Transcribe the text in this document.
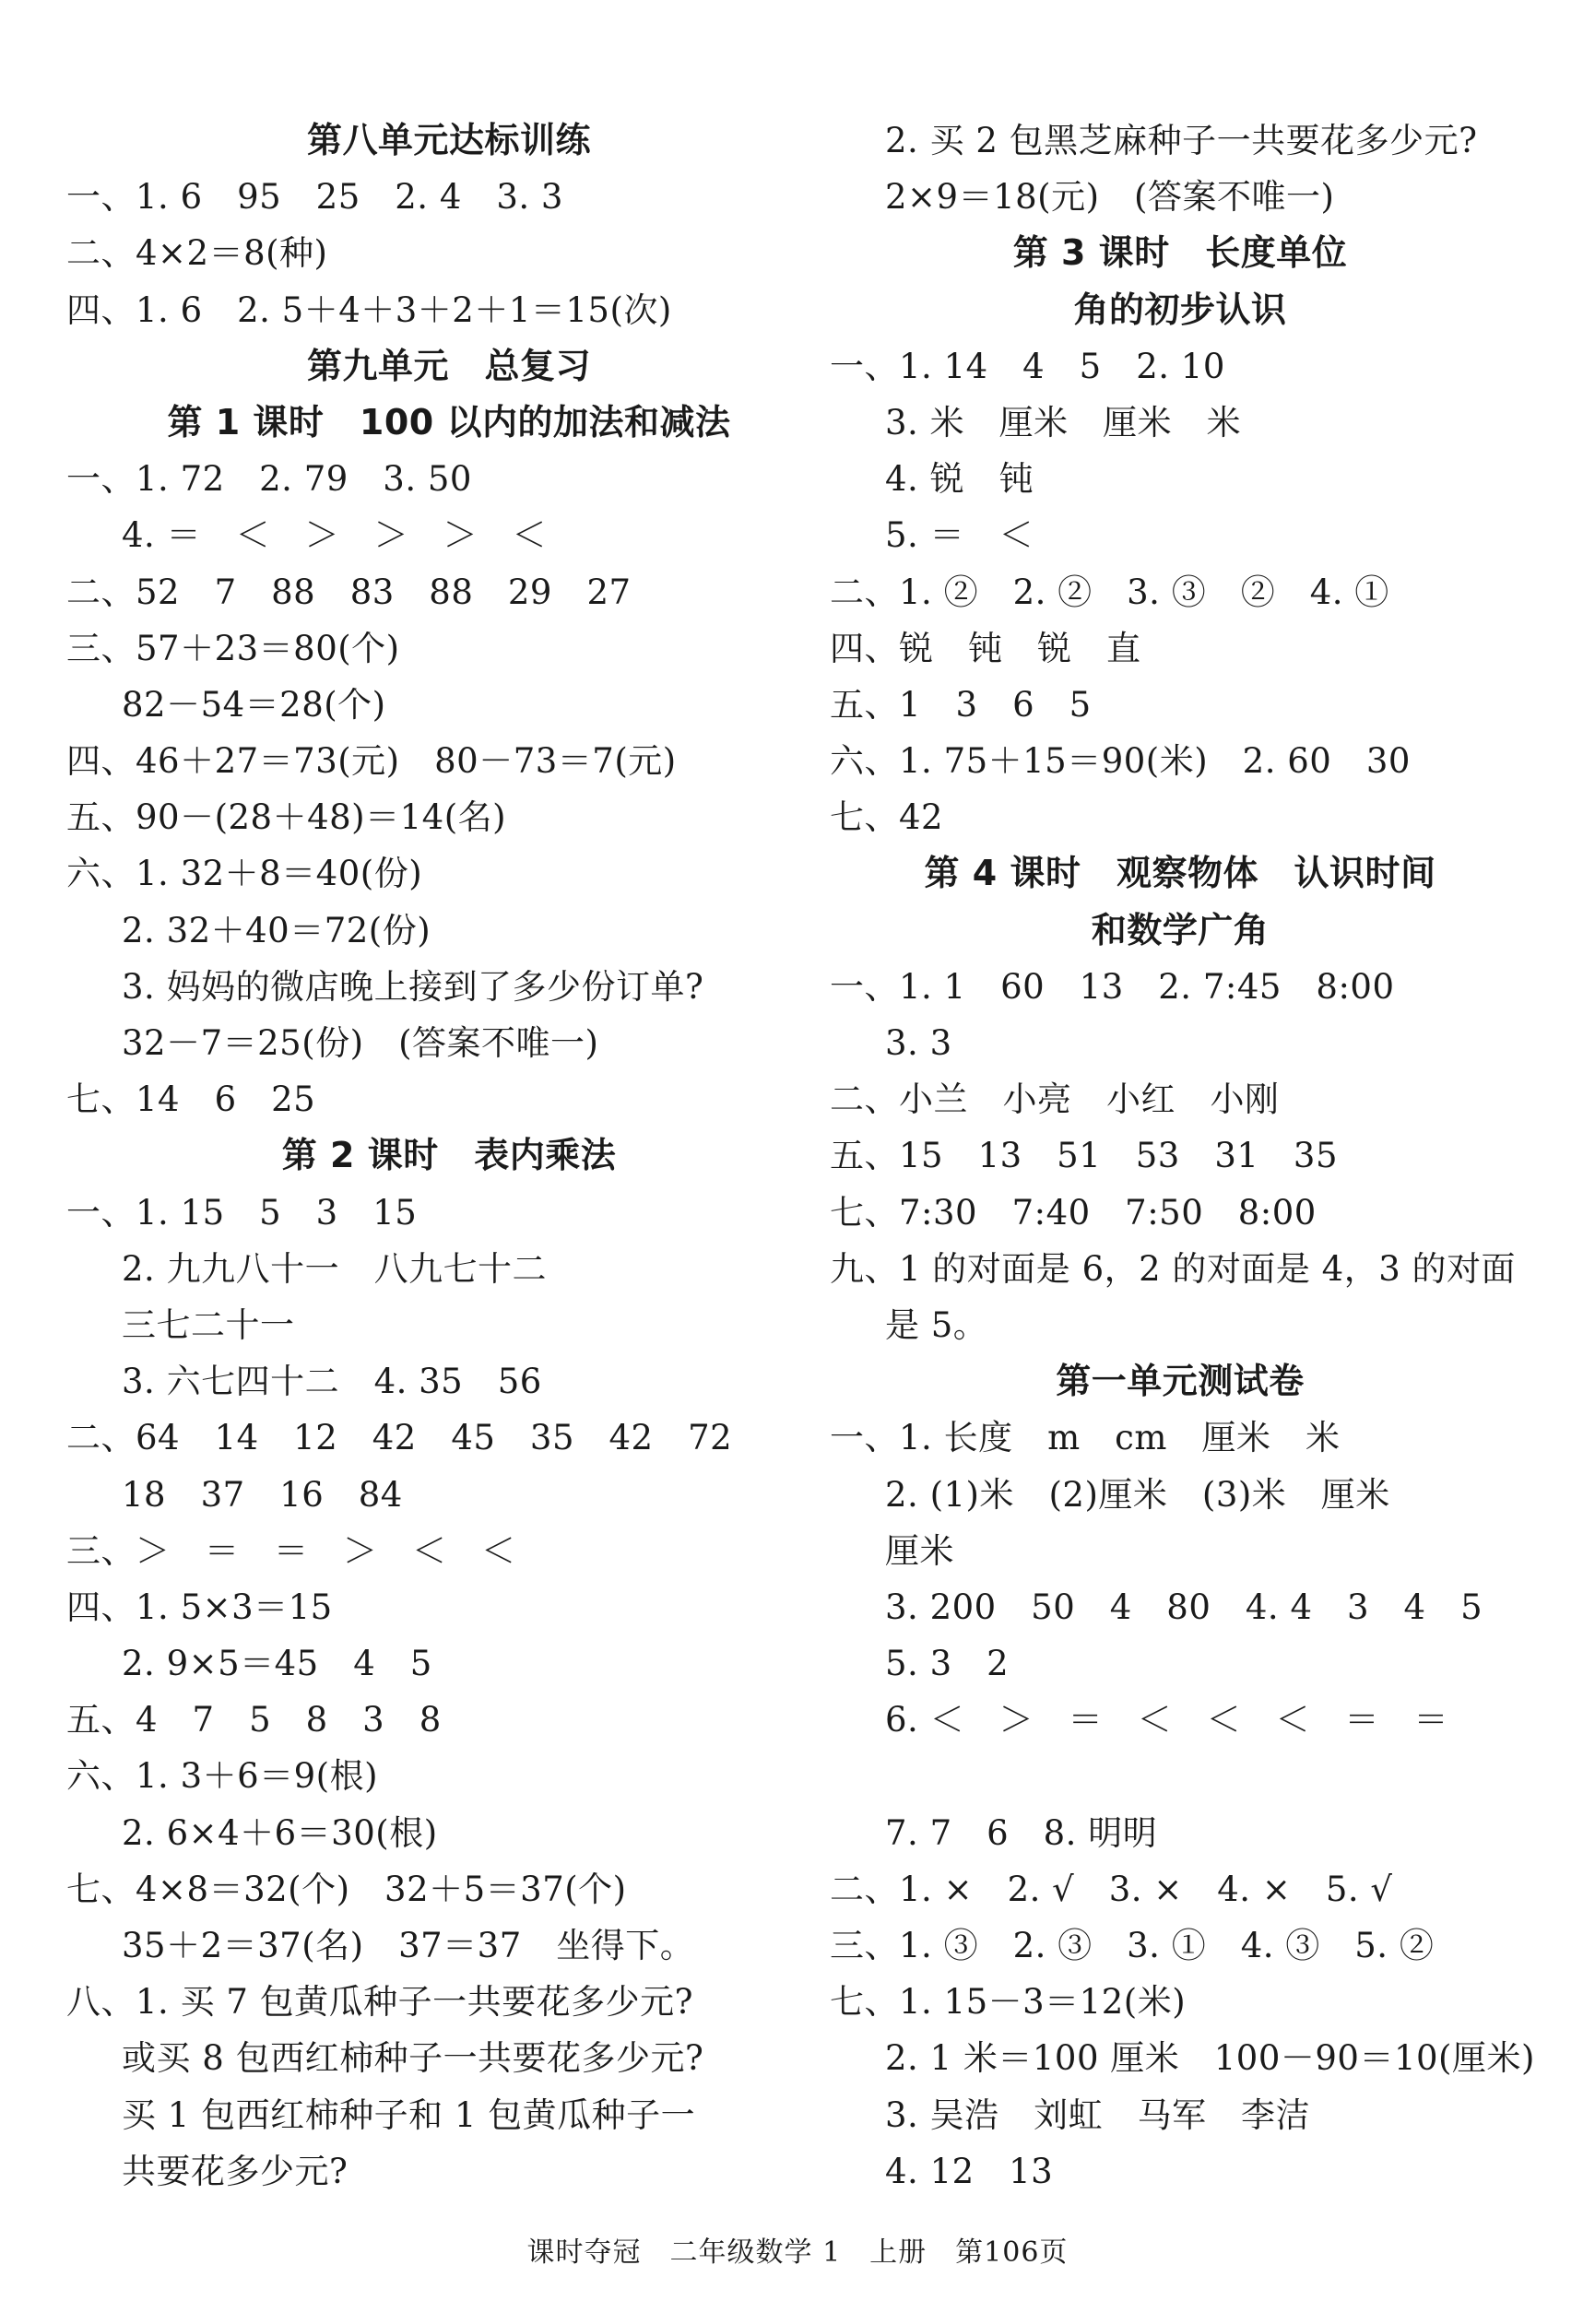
第八单元达标训练
一、1. 6　95　25　2. 4　3. 3
二、4×2＝8(种)
四、1. 6　2. 5＋4＋3＋2＋1＝15(次)
第九单元　总复习
第 1 课时　100 以内的加法和减法
一、1. 72　2. 79　3. 50
4. ＝　＜　＞　＞　＞　＜
二、52　7　88　83　88　29　27
三、57＋23＝80(个)
82－54＝28(个)
四、46＋27＝73(元)　80－73＝7(元)
五、90－(28＋48)＝14(名)
六、1. 32＋8＝40(份)
2. 32＋40＝72(份)
3. 妈妈的微店晚上接到了多少份订单?
32－7＝25(份)　(答案不唯一)
七、14　6　25
第 2 课时　表内乘法
一、1. 15　5　3　15
2. 九九八十一　八九七十二
三七二十一
3. 六七四十二　4. 35　56
二、64　14　12　42　45　35　42　72
18　37　16　84
三、＞　＝　＝　＞　＜　＜
四、1. 5×3＝15
2. 9×5＝45　4　5
五、4　7　5　8　3　8
六、1. 3＋6＝9(根)
2. 6×4＋6＝30(根)
七、4×8＝32(个)　32＋5＝37(个)
35＋2＝37(名)　37＝37　坐得下。
八、1. 买 7 包黄瓜种子一共要花多少元?
或买 8 包西红柿种子一共要花多少元?
买 1 包西红柿种子和 1 包黄瓜种子一
共要花多少元?
2. 买 2 包黑芝麻种子一共要花多少元?
2×9＝18(元)　(答案不唯一)
第 3 课时　长度单位
角的初步认识
一、1. 14　4　5　2. 10
3. 米　厘米　厘米　米
4. 锐　钝
5. ＝　＜
二、1. ②　2. ②　3. ③　②　4. ①
四、锐　钝　锐　直
五、1　3　6　5
六、1. 75＋15＝90(米)　2. 60　30
七、42
第 4 课时　观察物体　认识时间
和数学广角
一、1. 1　60　13　2. 7:45　8:00
3. 3
二、小兰　小亮　小红　小刚
五、15　13　51　53　31　35
七、7:30　7:40　7:50　8:00
九、1 的对面是 6，2 的对面是 4，3 的对面
是 5。
第一单元测试卷
一、1. 长度　m　cm　厘米　米
2. (1)米　(2)厘米　(3)米　厘米
厘米
3. 200　50　4　80　4. 4　3　4　5
5. 3　2
6. ＜　＞　＝　＜　＜　＜　＝　＝
7. 7　6　8. 明明
二、1. ×　2. √　3. ×　4. ×　5. √
三、1. ③　2. ③　3. ①　4. ③　5. ②
七、1. 15－3＝12(米)
2. 1 米＝100 厘米　100－90＝10(厘米)
3. 吴浩　刘虹　马军　李洁
4. 12　13
课时夺冠　二年级数学 1　上册　第106页
